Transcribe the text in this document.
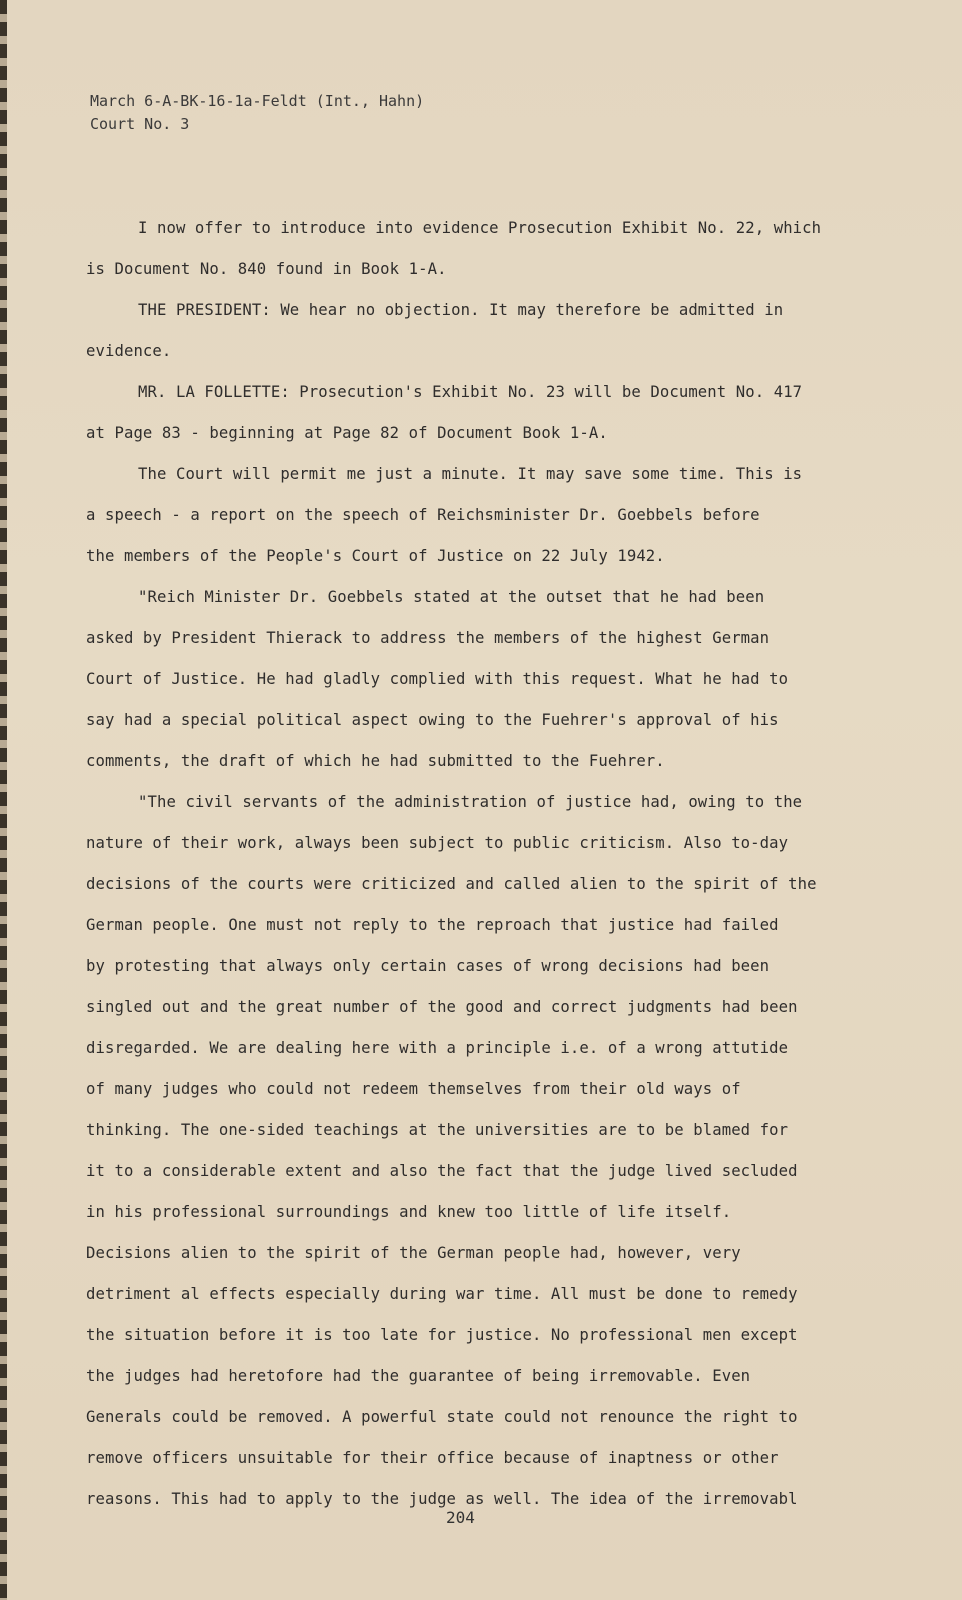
March 6-A-BK-16-1a-Feldt (Int., Hahn)
Court No. 3
I now offer to introduce into evidence Prosecution Exhibit No. 22, which
is Document No. 840 found in Book 1-A.
THE PRESIDENT: We hear no objection. It may therefore be admitted in
evidence.
MR. LA FOLLETTE: Prosecution's Exhibit No. 23 will be Document No. 417
at Page 83 - beginning at Page 82 of Document Book 1-A.
The Court will permit me just a minute. It may save some time. This is
a speech - a report on the speech of Reichsminister Dr. Goebbels before
the members of the People's Court of Justice on 22 July 1942.
"Reich Minister Dr. Goebbels stated at the outset that he had been
asked by President Thierack to address the members of the highest German
Court of Justice. He had gladly complied with this request. What he had to
say had a special political aspect owing to the Fuehrer's approval of his
comments, the draft of which he had submitted to the Fuehrer.
"The civil servants of the administration of justice had, owing to the
nature of their work, always been subject to public criticism. Also to-day
decisions of the courts were criticized and called alien to the spirit of the
German people. One must not reply to the reproach that justice had failed
by protesting that always only certain cases of wrong decisions had been
singled out and the great number of the good and correct judgments had been
disregarded. We are dealing here with a principle i.e. of a wrong attutide
of many judges who could not redeem themselves from their old ways of
thinking. The one-sided teachings at the universities are to be blamed for
it to a considerable extent and also the fact that the judge lived secluded
in his professional surroundings and knew too little of life itself.
Decisions alien to the spirit of the German people had, however, very
detriment al effects especially during war time. All must be done to remedy
the situation before it is too late for justice. No professional men except
the judges had heretofore had the guarantee of being irremovable. Even
Generals could be removed. A powerful state could not renounce the right to
remove officers unsuitable for their office because of inaptness or other
reasons. This had to apply to the judge as well. The idea of the irremovabl
204
